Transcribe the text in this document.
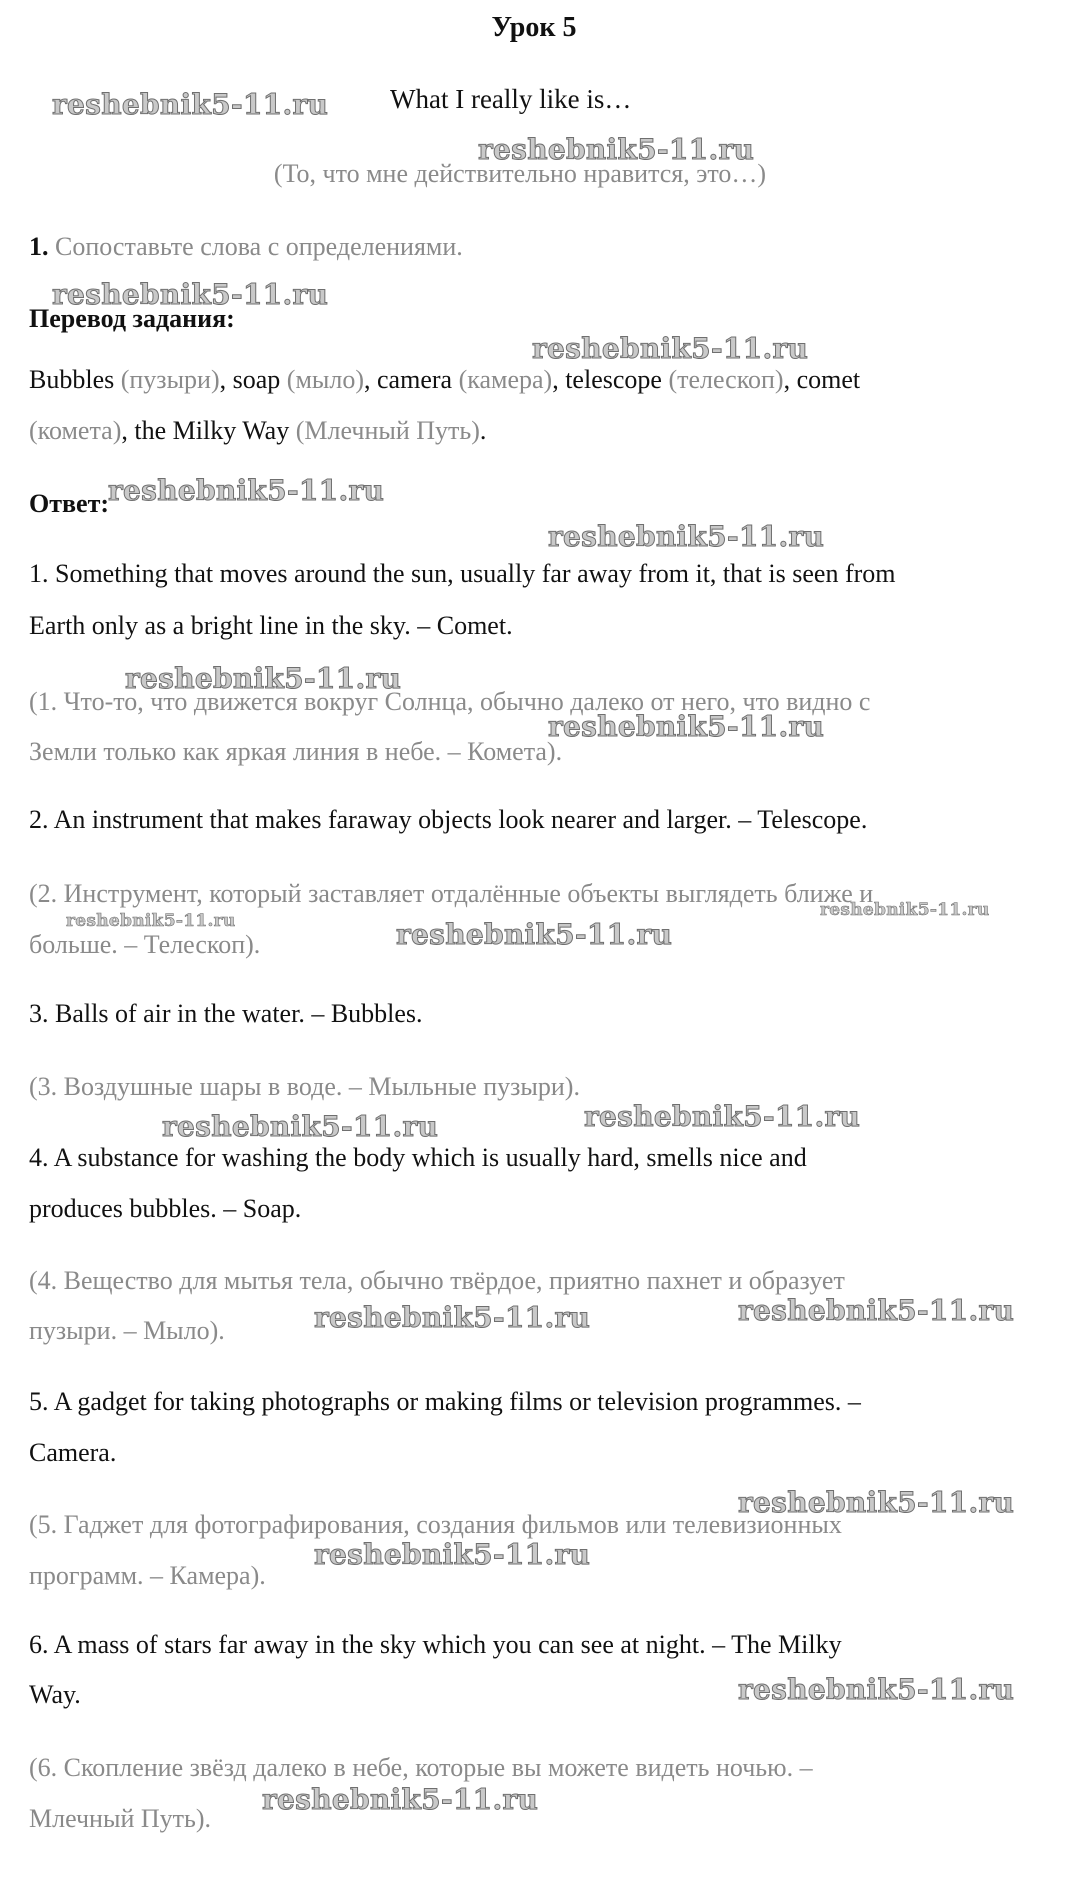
Урок 5
What I really like is…
(То, что мне действительно нравится, это…)
1. Сопоставьте слова с определениями.
Перевод задания:
Bubbles (пузыри), soap (мыло), camera (камера), telescope (телескоп), comet
(комета), the Milky Way (Млечный Путь).
Ответ:
1. Something that moves around the sun, usually far away from it, that is seen from
Earth only as a bright line in the sky. – Comet.
(1. Что-то, что движется вокруг Солнца, обычно далеко от него, что видно с
Земли только как яркая линия в небе. – Комета).
2. An instrument that makes faraway objects look nearer and larger. – Telescope.
(2. Инструмент, который заставляет отдалённые объекты выглядеть ближе и
больше. – Телескоп).
3. Balls of air in the water. – Bubbles.
(3. Воздушные шары в воде. – Мыльные пузыри).
4. A substance for washing the body which is usually hard, smells nice and
produces bubbles. – Soap.
(4. Вещество для мытья тела, обычно твёрдое, приятно пахнет и образует
пузыри. – Мыло).
5. A gadget for taking photographs or making films or television programmes. –
Camera.
(5. Гаджет для фотографирования, создания фильмов или телевизионных
программ. – Камера).
6. A mass of stars far away in the sky which you can see at night. – The Milky
Way.
(6. Скопление звёзд далеко в небе, которые вы можете видеть ночью. –
Млечный Путь).
reshebnik5-11.ru
reshebnik5-11.ru
reshebnik5-11.ru
reshebnik5-11.ru
reshebnik5-11.ru
reshebnik5-11.ru
reshebnik5-11.ru
reshebnik5-11.ru
reshebnik5-11.ru	reshebnik5-11.ru
reshebnik5-11.ru
reshebnik5-11.ru	reshebnik5-11.ru
reshebnik5-11.ru	reshebnik5-11.ru
reshebnik5-11.ru
reshebnik5-11.ru
reshebnik5-11.ru
reshebnik5-11.ru
